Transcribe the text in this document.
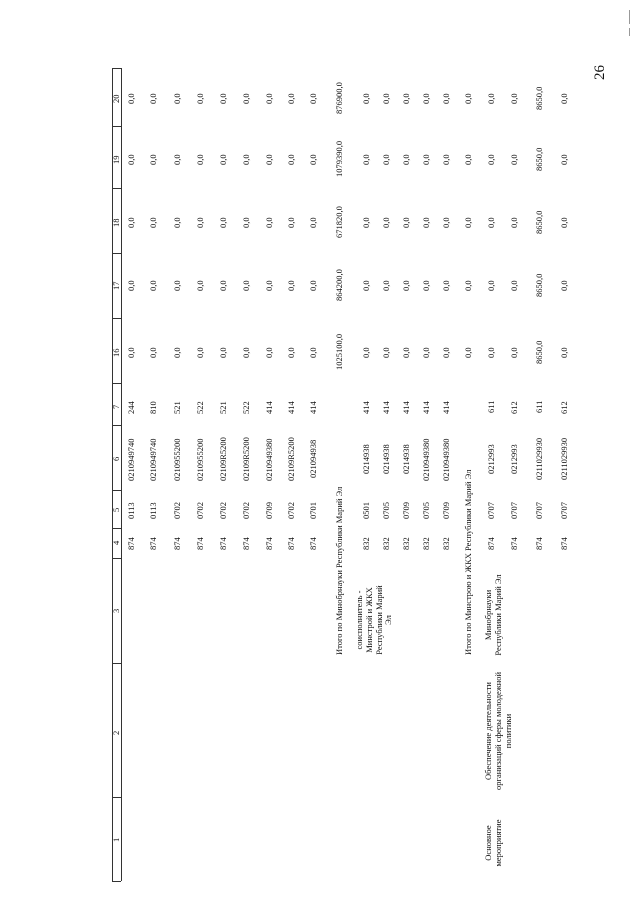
26
1
2
3
4
5
6
7
16
17
18
19
20
874
0113
0210949740
244
0,0
0,0
0,0
0,0
0,0
874
0113
0210949740
810
0,0
0,0
0,0
0,0
0,0
874
0702
0210955200
521
0,0
0,0
0,0
0,0
0,0
874
0702
0210955200
522
0,0
0,0
0,0
0,0
0,0
874
0702
02109R5200
521
0,0
0,0
0,0
0,0
0,0
874
0702
02109R5200
522
0,0
0,0
0,0
0,0
0,0
874
0709
0210949380
414
0,0
0,0
0,0
0,0
0,0
874
0702
02109R5200
414
0,0
0,0
0,0
0,0
0,0
874
0701
021094938
414
0,0
0,0
0,0
0,0
0,0
Итого по Минобрнауки Республики Марий Эл
1025100,0
864200,0
671820,0
1079390,0
876900,0
832
0501
0214938
414
0,0
0,0
0,0
0,0
0,0
832
0705
0214938
414
0,0
0,0
0,0
0,0
0,0
832
0709
0214938
414
0,0
0,0
0,0
0,0
0,0
832
0705
0210949380
414
0,0
0,0
0,0
0,0
0,0
832
0709
0210949380
414
0,0
0,0
0,0
0,0
0,0
Итого по Минстрою и ЖКХ Республики Марий Эл
0,0
0,0
0,0
0,0
0,0
874
0707
0212993
611
0,0
0,0
0,0
0,0
0,0
874
0707
0212993
612
0,0
0,0
0,0
0,0
0,0
874
0707
0211029930
611
8650,0
8650,0
8650,0
8650,0
8650,0
874
0707
0211029930
612
0,0
0,0
0,0
0,0
0,0
соисполнитель - Минстрой и ЖКХ Республики Марий Эл
Основное мероприятие
Обеспечение деятельности организаций сферы молодежной политики
Минобрнауки Республики Марий Эл
